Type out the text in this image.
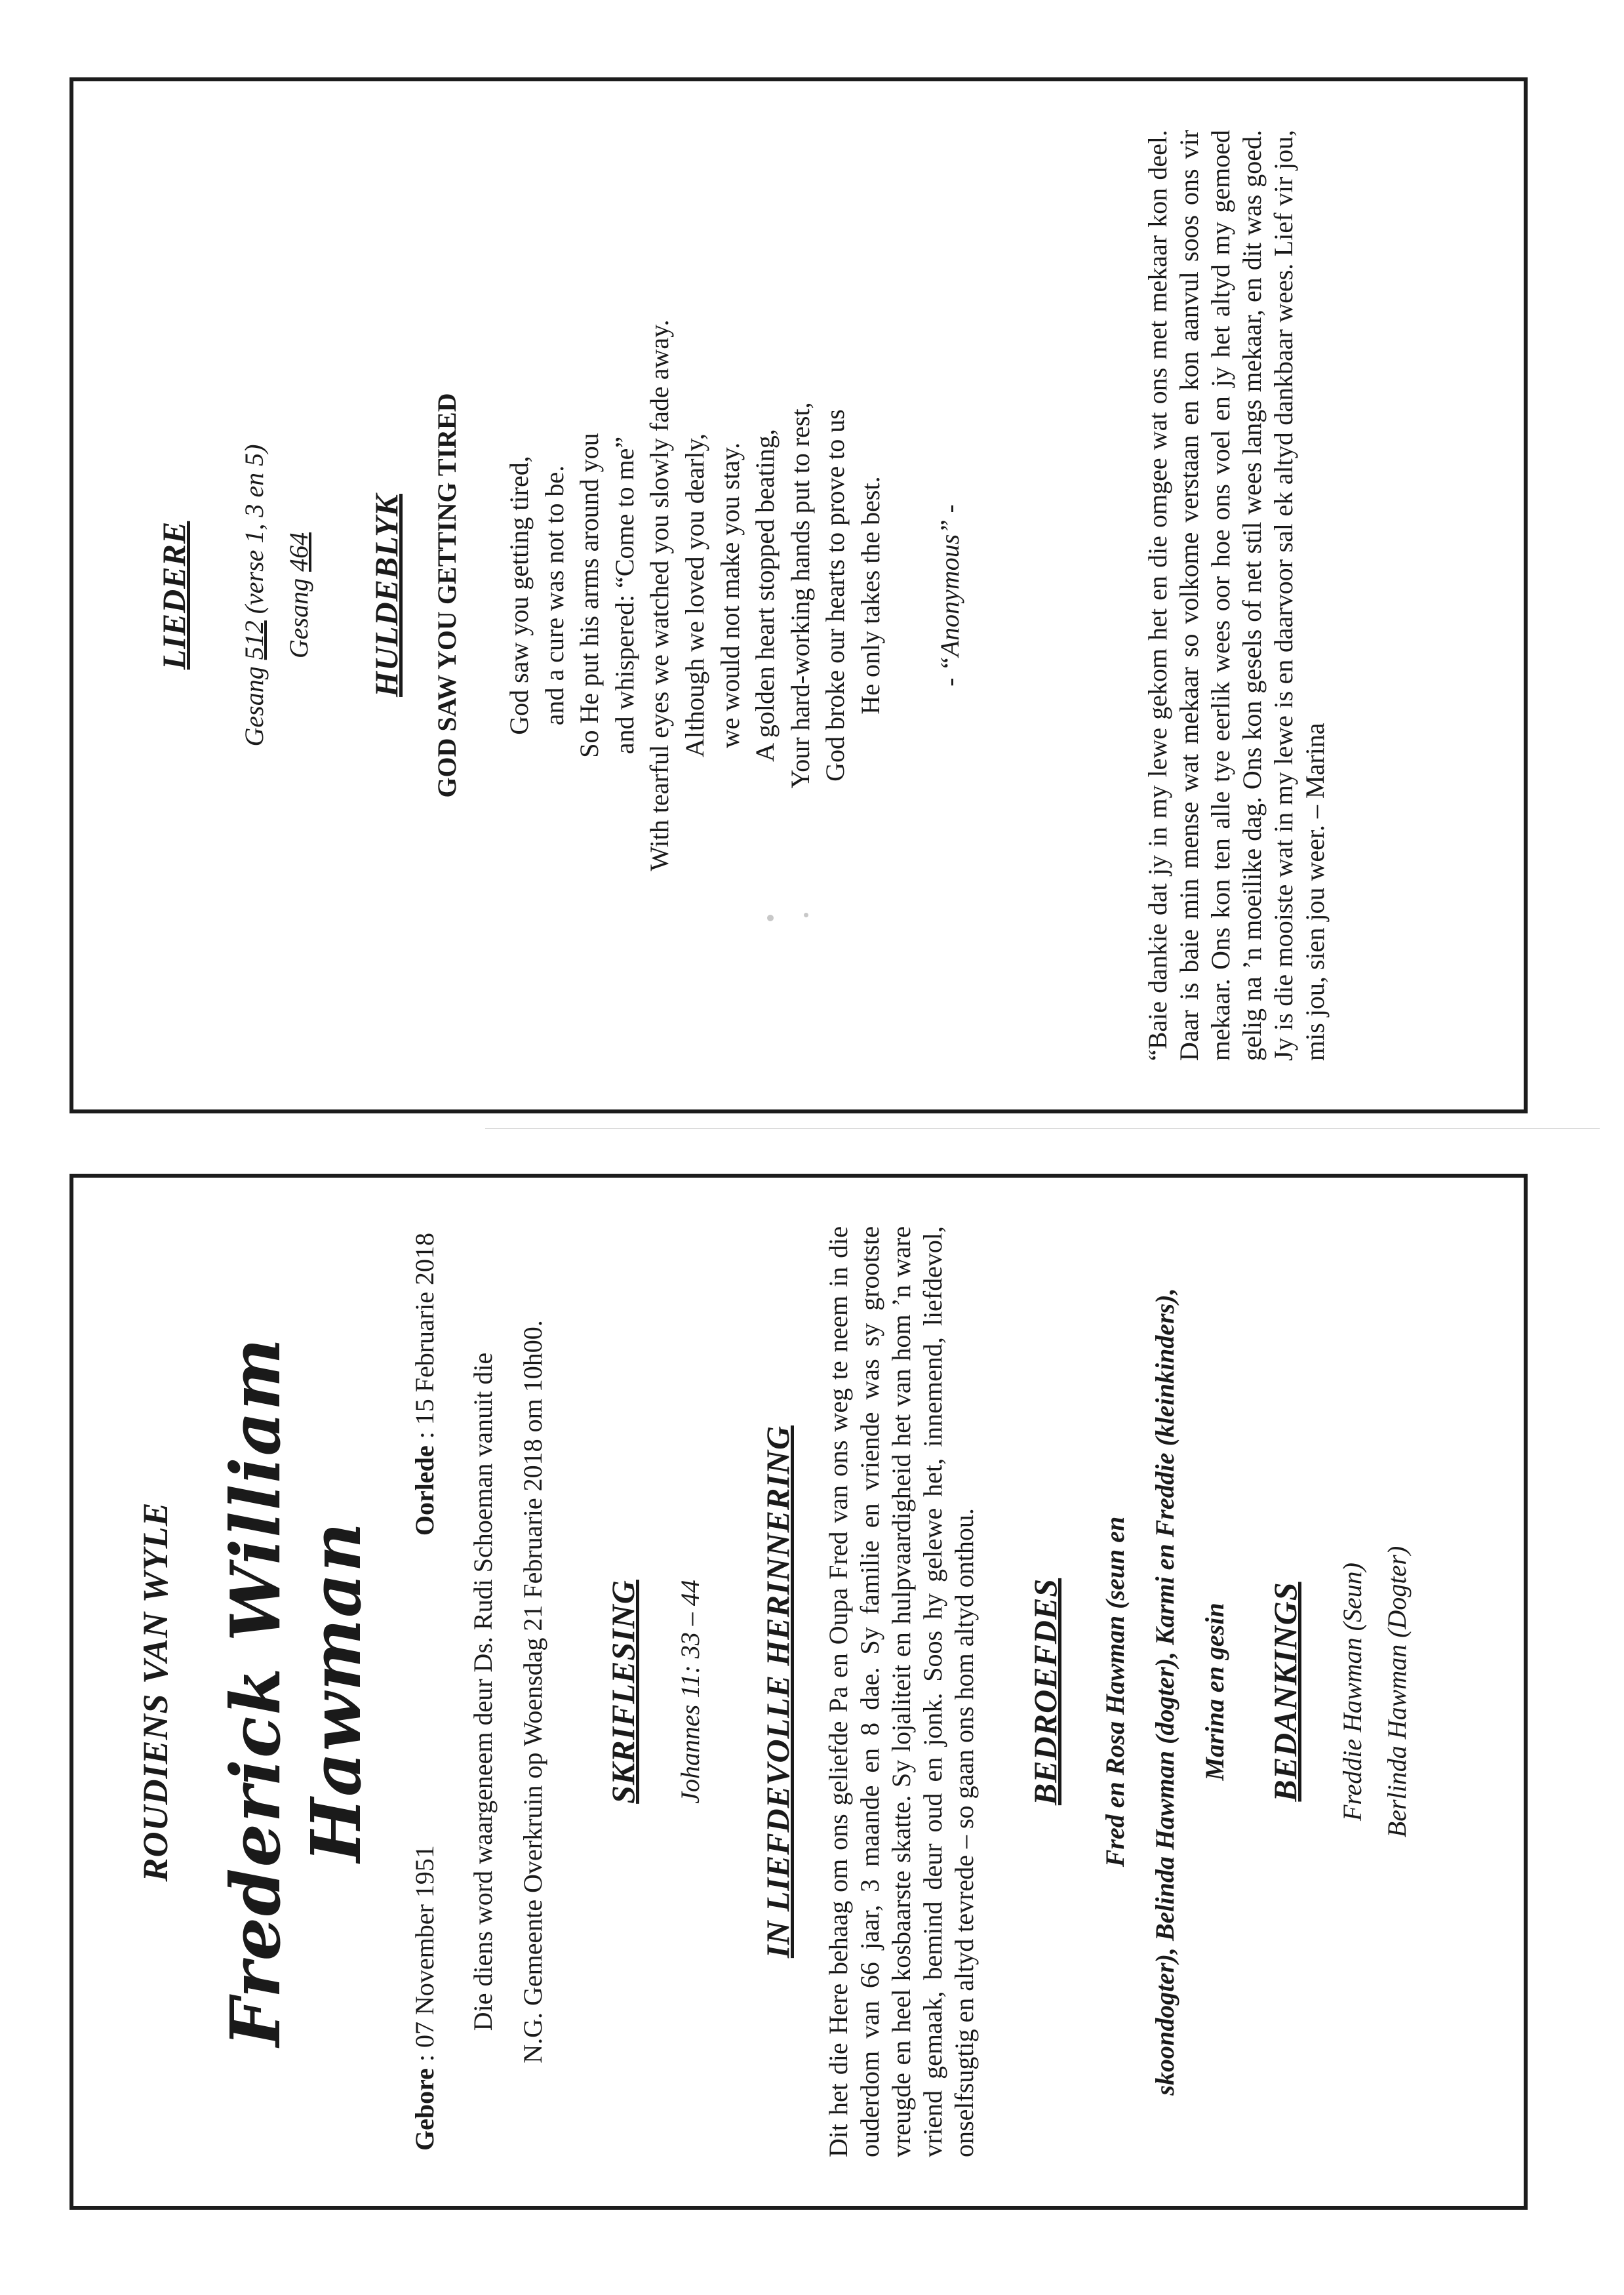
LIEDERE

Gesang 512 (verse 1, 3 en 5) Gesang 464 HULDEBLYK GOD SAW YOU GETTING TIRED God saw you getting tired, and a cure was not to be. So He put his arms around you and whispered: “Come to me” With tearful eyes we watched you slowly fade away. Although we loved you dearly, we would not make you stay. A golden heart stopped beating, Your hard-working hands put to rest, God broke our hearts to prove to us He only takes the best. - “Anonymous” -	“Baie dankie dat jy in my lewe gekom het en die omgee wat ons met mekaar kon deel. Daar is baie min mense wat mekaar so volkome verstaan en kon aanvul soos ons vir mekaar. Ons kon ten alle tye eerlik wees oor hoe ons voel en jy het altyd my gemoed gelig na ’n moeilike dag. Ons kon gesels of net stil wees langs mekaar, en dit was goed. Jy is die mooiste wat in my lewe is en daarvoor sal ek altyd dankbaar wees. Lief vir jou, mis jou, sien jou weer. – Marina

ROUDIENS VAN WYLE Frederick William Hawman
Gebore : 07 November 1951
Oorlede : 15 Februarie 2018
Die diens word waargeneem deur Ds. Rudi Schoeman vanuit die N.G. Gemeente Overkruin op Woensdag 21 Februarie 2018 om 10h00.	SKRIFLESING Johannes 11: 33 – 44 IN LIEFDEVOLLE HERINNERING Dit het die Here behaag om ons geliefde Pa en Oupa Fred van ons weg te neem in die ouderdom van 66 jaar, 3 maande en 8 dae. Sy familie en vriende was sy grootste vreugde en heel kosbaarste skatte. Sy lojaliteit en hulpvaardigheid het van hom ’n ware vriend gemaak, bemind deur oud en jonk. Soos hy gelewe het, innemend, liefdevol, onselfsugtig en altyd tevrede – so gaan ons hom altyd onthou. BEDROEFDES	Fred en Rosa Hawman (seun en skoondogter), Belinda Hawman (dogter), Karmi en Freddie (kleinkinders), Marina en gesin	BEDANKINGS Freddie Hawman (Seun) Berlinda Hawman (Dogter)
